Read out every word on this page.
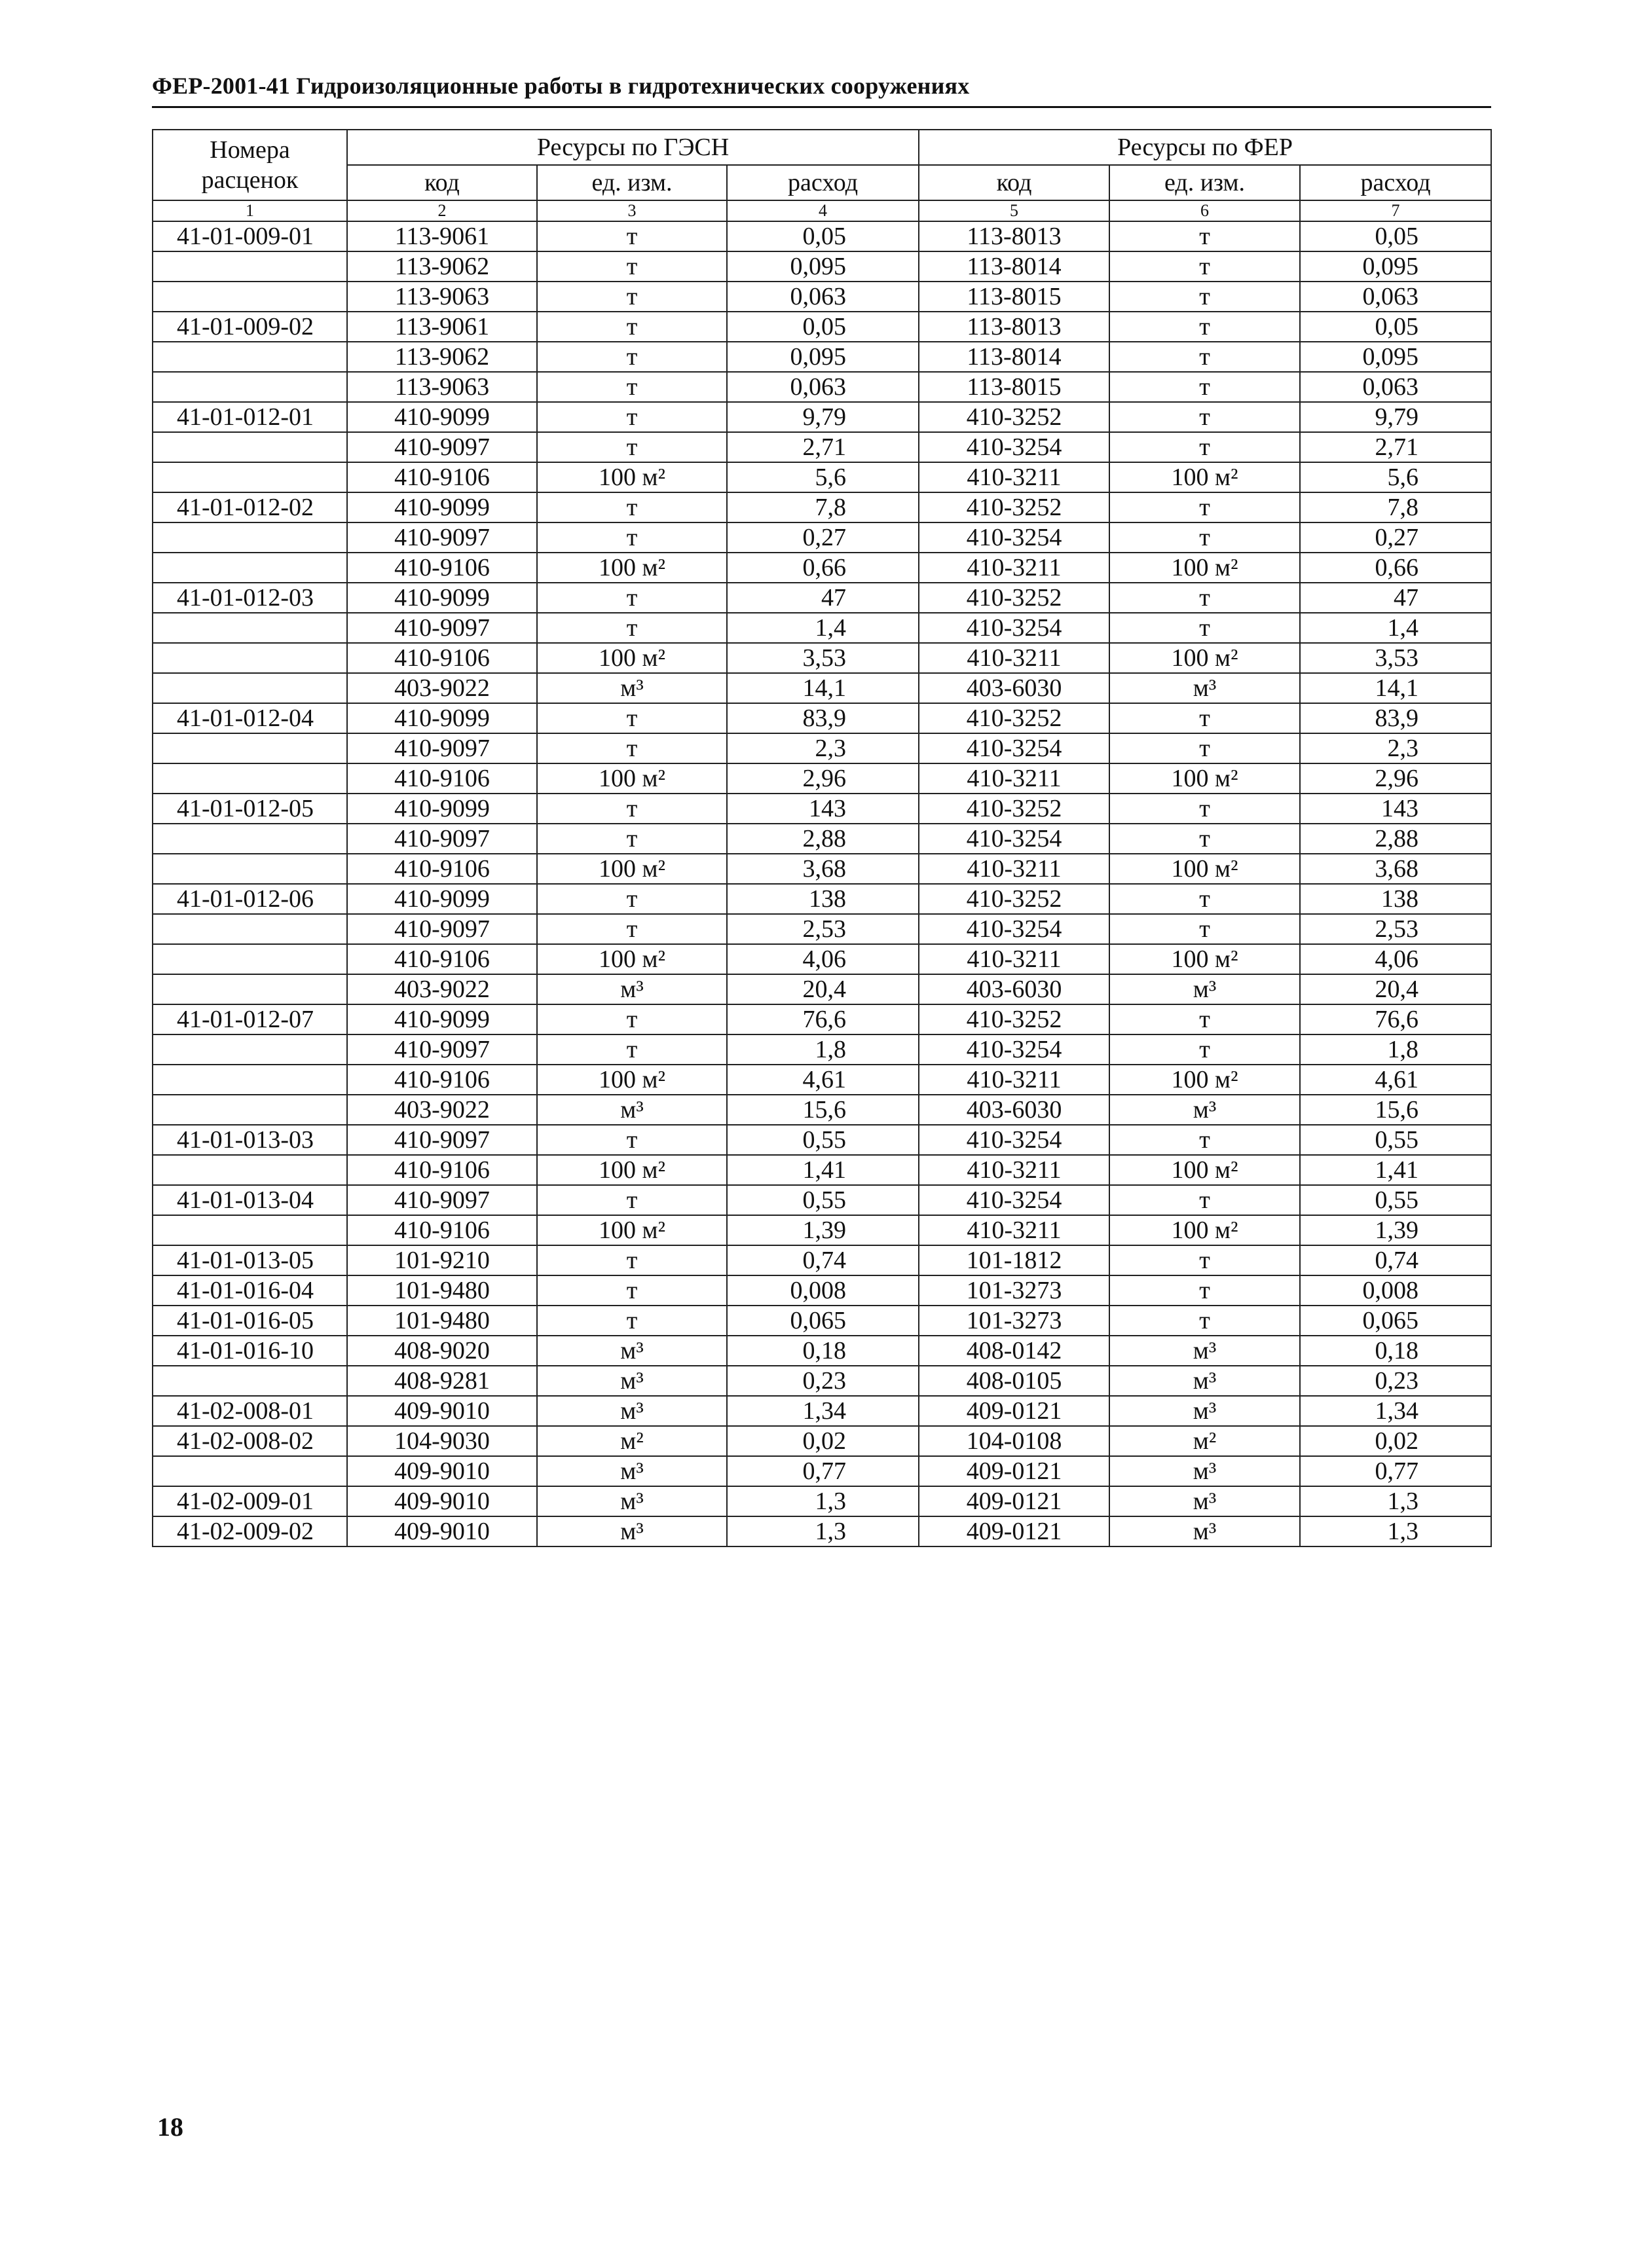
ФЕР-2001-41 Гидроизоляционные работы в гидротехнических сооружениях
Номера
расценок	Ресурсы по ГЭСН			Ресурсы по ФЕР		
	код	ед. изм.	расход	код	ед. изм.	расход
1	2	3	4	5	6	7
41-01-009-01	113-9061	т	0,05	113-8013	т	0,05
	113-9062	т	0,095	113-8014	т	0,095
	113-9063	т	0,063	113-8015	т	0,063
41-01-009-02	113-9061	т	0,05	113-8013	т	0,05
	113-9062	т	0,095	113-8014	т	0,095
	113-9063	т	0,063	113-8015	т	0,063
41-01-012-01	410-9099	т	9,79	410-3252	т	9,79
	410-9097	т	2,71	410-3254	т	2,71
	410-9106	100 м²	5,6	410-3211	100 м²	5,6
41-01-012-02	410-9099	т	7,8	410-3252	т	7,8
	410-9097	т	0,27	410-3254	т	0,27
	410-9106	100 м²	0,66	410-3211	100 м²	0,66
41-01-012-03	410-9099	т	47	410-3252	т	47
	410-9097	т	1,4	410-3254	т	1,4
	410-9106	100 м²	3,53	410-3211	100 м²	3,53
	403-9022	м³	14,1	403-6030	м³	14,1
41-01-012-04	410-9099	т	83,9	410-3252	т	83,9
	410-9097	т	2,3	410-3254	т	2,3
	410-9106	100 м²	2,96	410-3211	100 м²	2,96
41-01-012-05	410-9099	т	143	410-3252	т	143
	410-9097	т	2,88	410-3254	т	2,88
	410-9106	100 м²	3,68	410-3211	100 м²	3,68
41-01-012-06	410-9099	т	138	410-3252	т	138
	410-9097	т	2,53	410-3254	т	2,53
	410-9106	100 м²	4,06	410-3211	100 м²	4,06
	403-9022	м³	20,4	403-6030	м³	20,4
41-01-012-07	410-9099	т	76,6	410-3252	т	76,6
	410-9097	т	1,8	410-3254	т	1,8
	410-9106	100 м²	4,61	410-3211	100 м²	4,61
	403-9022	м³	15,6	403-6030	м³	15,6
41-01-013-03	410-9097	т	0,55	410-3254	т	0,55
	410-9106	100 м²	1,41	410-3211	100 м²	1,41
41-01-013-04	410-9097	т	0,55	410-3254	т	0,55
	410-9106	100 м²	1,39	410-3211	100 м²	1,39
41-01-013-05	101-9210	т	0,74	101-1812	т	0,74
41-01-016-04	101-9480	т	0,008	101-3273	т	0,008
41-01-016-05	101-9480	т	0,065	101-3273	т	0,065
41-01-016-10	408-9020	м³	0,18	408-0142	м³	0,18
	408-9281	м³	0,23	408-0105	м³	0,23
41-02-008-01	409-9010	м³	1,34	409-0121	м³	1,34
41-02-008-02	104-9030	м²	0,02	104-0108	м²	0,02
	409-9010	м³	0,77	409-0121	м³	0,77
41-02-009-01	409-9010	м³	1,3	409-0121	м³	1,3
41-02-009-02	409-9010	м³	1,3	409-0121	м³	1,3
18
